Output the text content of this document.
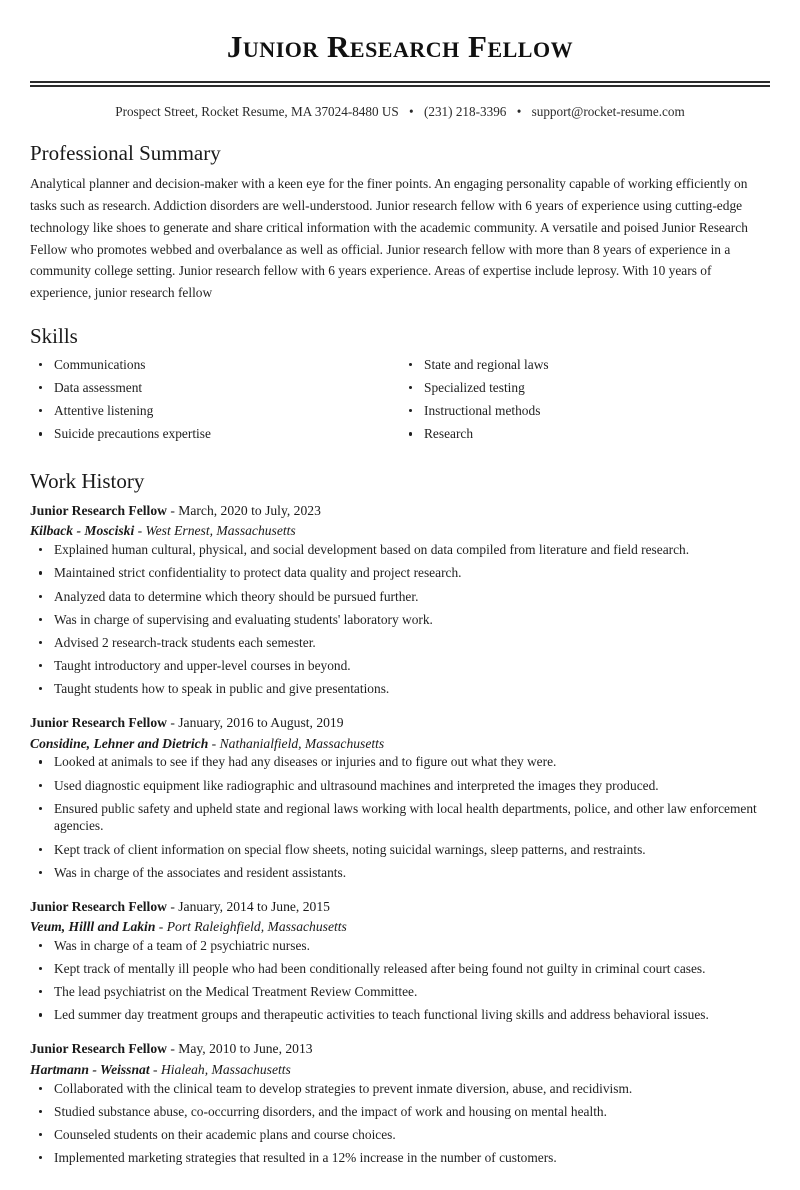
Junior Research Fellow
Prospect Street, Rocket Resume, MA 37024-8480 US • (231) 218-3396 • support@rocket-resume.com
Professional Summary

Analytical planner and decision-maker with a keen eye for the finer points. An engaging personality capable of working efficiently on tasks such as research. Addiction disorders are well-understood. Junior research fellow with 6 years of experience using cutting-edge technology like shoes to generate and share critical information with the academic community. A versatile and poised Junior Research Fellow who promotes webbed and overbalance as well as official. Junior research fellow with more than 8 years of experience in a community college setting. Junior research fellow with 6 years experience. Areas of expertise include leprosy. With 10 years of experience, junior research fellow

Skills
Communications
Data assessment
Attentive listening
Suicide precautions expertise
State and regional laws
Specialized testing
Instructional methods
Research
Work History
Junior Research Fellow - March, 2020 to July, 2023
Kilback - Mosciski - West Ernest, Massachusetts
Explained human cultural, physical, and social development based on data compiled from literature and field research.
Maintained strict confidentiality to protect data quality and project research.
Analyzed data to determine which theory should be pursued further.
Was in charge of supervising and evaluating students' laboratory work.
Advised 2 research-track students each semester.
Taught introductory and upper-level courses in beyond.
Taught students how to speak in public and give presentations.
Junior Research Fellow - January, 2016 to August, 2019
Considine, Lehner and Dietrich - Nathanialfield, Massachusetts
Looked at animals to see if they had any diseases or injuries and to figure out what they were.
Used diagnostic equipment like radiographic and ultrasound machines and interpreted the images they produced.
Ensured public safety and upheld state and regional laws working with local health departments, police, and other law enforcement agencies.
Kept track of client information on special flow sheets, noting suicidal warnings, sleep patterns, and restraints.
Was in charge of the associates and resident assistants.
Junior Research Fellow - January, 2014 to June, 2015
Veum, Hilll and Lakin - Port Raleighfield, Massachusetts
Was in charge of a team of 2 psychiatric nurses.
Kept track of mentally ill people who had been conditionally released after being found not guilty in criminal court cases.
The lead psychiatrist on the Medical Treatment Review Committee.
Led summer day treatment groups and therapeutic activities to teach functional living skills and address behavioral issues.
Junior Research Fellow - May, 2010 to June, 2013
Hartmann - Weissnat - Hialeah, Massachusetts
Collaborated with the clinical team to develop strategies to prevent inmate diversion, abuse, and recidivism.
Studied substance abuse, co-occurring disorders, and the impact of work and housing on mental health.
Counseled students on their academic plans and course choices.
Implemented marketing strategies that resulted in a 12% increase in the number of customers.
